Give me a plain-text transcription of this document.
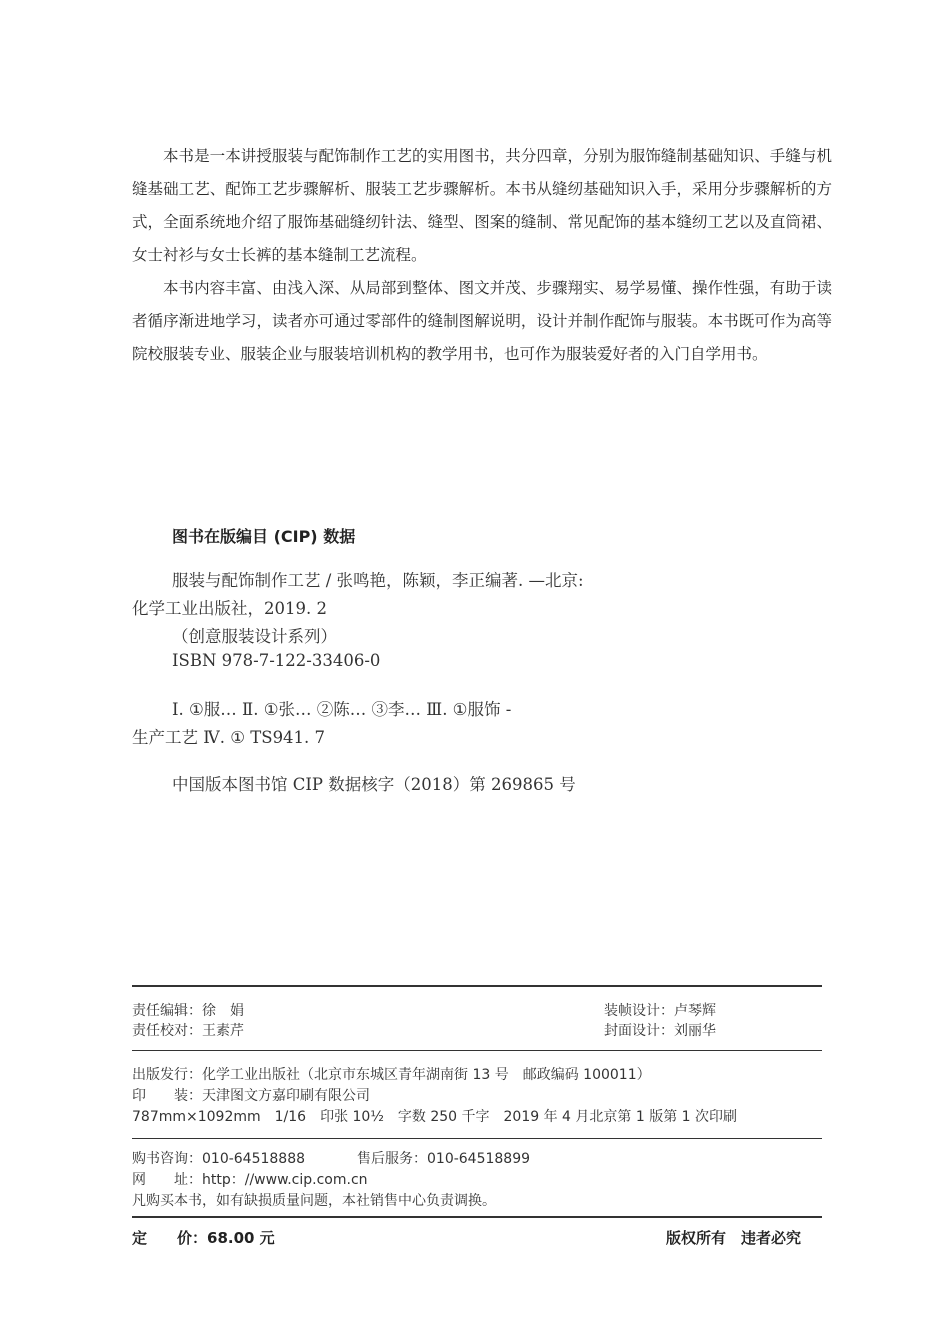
本书是一本讲授服装与配饰制作工艺的实用图书，共分四章，分别为服饰缝制基础知识、手缝与机缝基础工艺、配饰工艺步骤解析、服装工艺步骤解析。本书从缝纫基础知识入手，采用分步骤解析的方式，全面系统地介绍了服饰基础缝纫针法、缝型、图案的缝制、常见配饰的基本缝纫工艺以及直筒裙、女士衬衫与女士长裤的基本缝制工艺流程。

本书内容丰富、由浅入深、从局部到整体、图文并茂、步骤翔实、易学易懂、操作性强，有助于读者循序渐进地学习，读者亦可通过零部件的缝制图解说明，设计并制作配饰与服装。本书既可作为高等院校服装专业、服装企业与服装培训机构的教学用书，也可作为服装爱好者的入门自学用书。

图书在版编目 (CIP) 数据
服装与配饰制作工艺 / 张鸣艳，陈颖，李正编著. —北京:
化学工业出版社，2019. 2
（创意服装设计系列）
ISBN 978-7-122-33406-0
Ⅰ. ①服… Ⅱ. ①张… ②陈… ③李… Ⅲ. ①服饰 -
生产工艺 Ⅳ. ① TS941. 7
中国版本图书馆 CIP 数据核字（2018）第 269865 号
责任编辑：徐　娟
责任校对：王素芹
装帧设计：卢琴辉
封面设计：刘丽华
出版发行：化学工业出版社（北京市东城区青年湖南街 13 号　邮政编码 100011）
印　　装：天津图文方嘉印刷有限公司
787mm×1092mm　1/16　印张 10½　字数 250 千字　2019 年 4 月北京第 1 版第 1 次印刷
购书咨询：010-64518888	售后服务：010-64518899
网　　址：http：//www.cip.com.cn
凡购买本书，如有缺损质量问题，本社销售中心负责调换。
定　　价：68.00 元	版权所有　违者必究
